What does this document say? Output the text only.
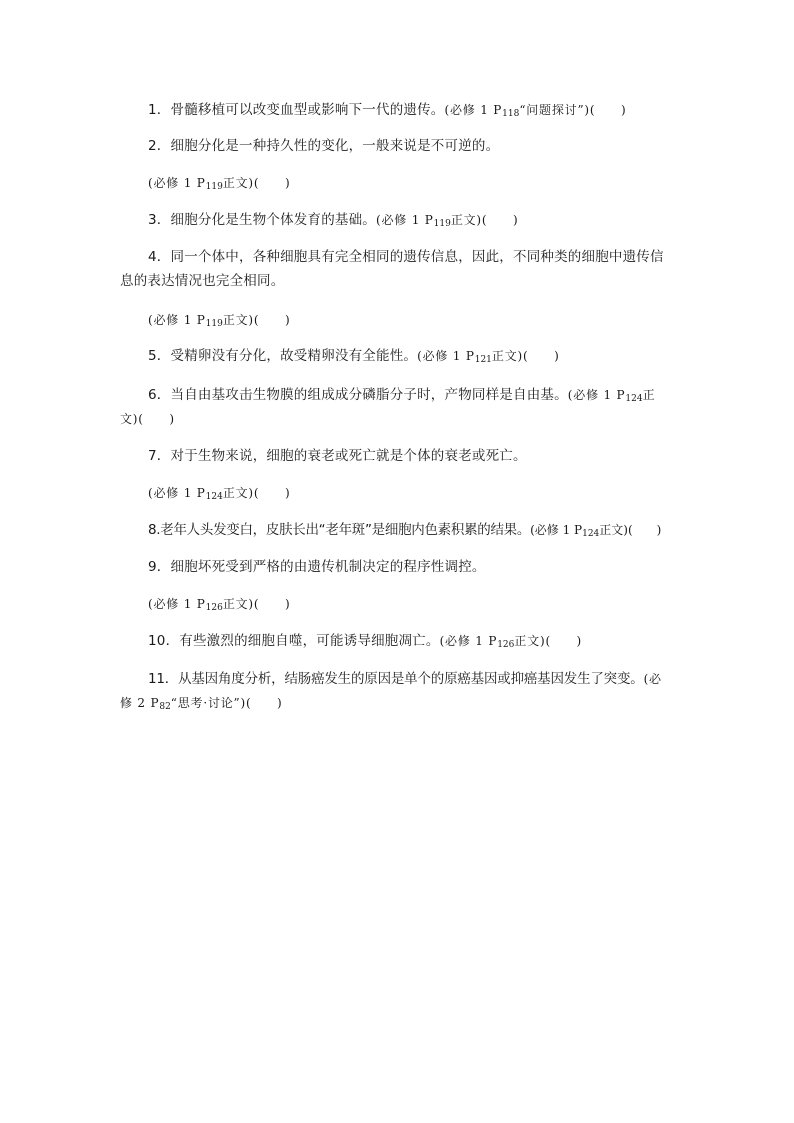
1．骨髓移植可以改变血型或影响下一代的遗传。(必修 1 $P_{118}“$问题探讨”)(　　)
2．细胞分化是一种持久性的变化，一般来说是不可逆的。
(必修 1 $P_{119}$正文)(　　)
3．细胞分化是生物个体发育的基础。(必修 1 $P_{119}$正文)(　　)
4．同一个体中，各种细胞具有完全相同的遗传信息，因此，不同种类的细胞中遗传信
息的表达情况也完全相同。
(必修 1 $P_{119}$正文)(　　)
5．受精卵没有分化，故受精卵没有全能性。(必修 1 $P_{121}$正文)(　　)
6．当自由基攻击生物膜的组成成分磷脂分子时，产物同样是自由基。(必修 1 $P_{124}$正
文)(　　)
7．对于生物来说，细胞的衰老或死亡就是个体的衰老或死亡。
(必修 1 $P_{124}$正文)(　　)
8.老年人头发变白，皮肤长出“老年斑”是细胞内色素积累的结果。(必修 1 $P_{124}$正文)(　　)
9．细胞坏死受到严格的由遗传机制决定的程序性调控。
(必修 1 $P_{126}$正文)(　　)
10．有些激烈的细胞自噬，可能诱导细胞凋亡。(必修 1 $P_{126}$正文)(　　)
11．从基因角度分析，结肠癌发生的原因是单个的原癌基因或抑癌基因发生了突变。(必
修 2 $P_{82}“$思考·讨论”)(　　)
